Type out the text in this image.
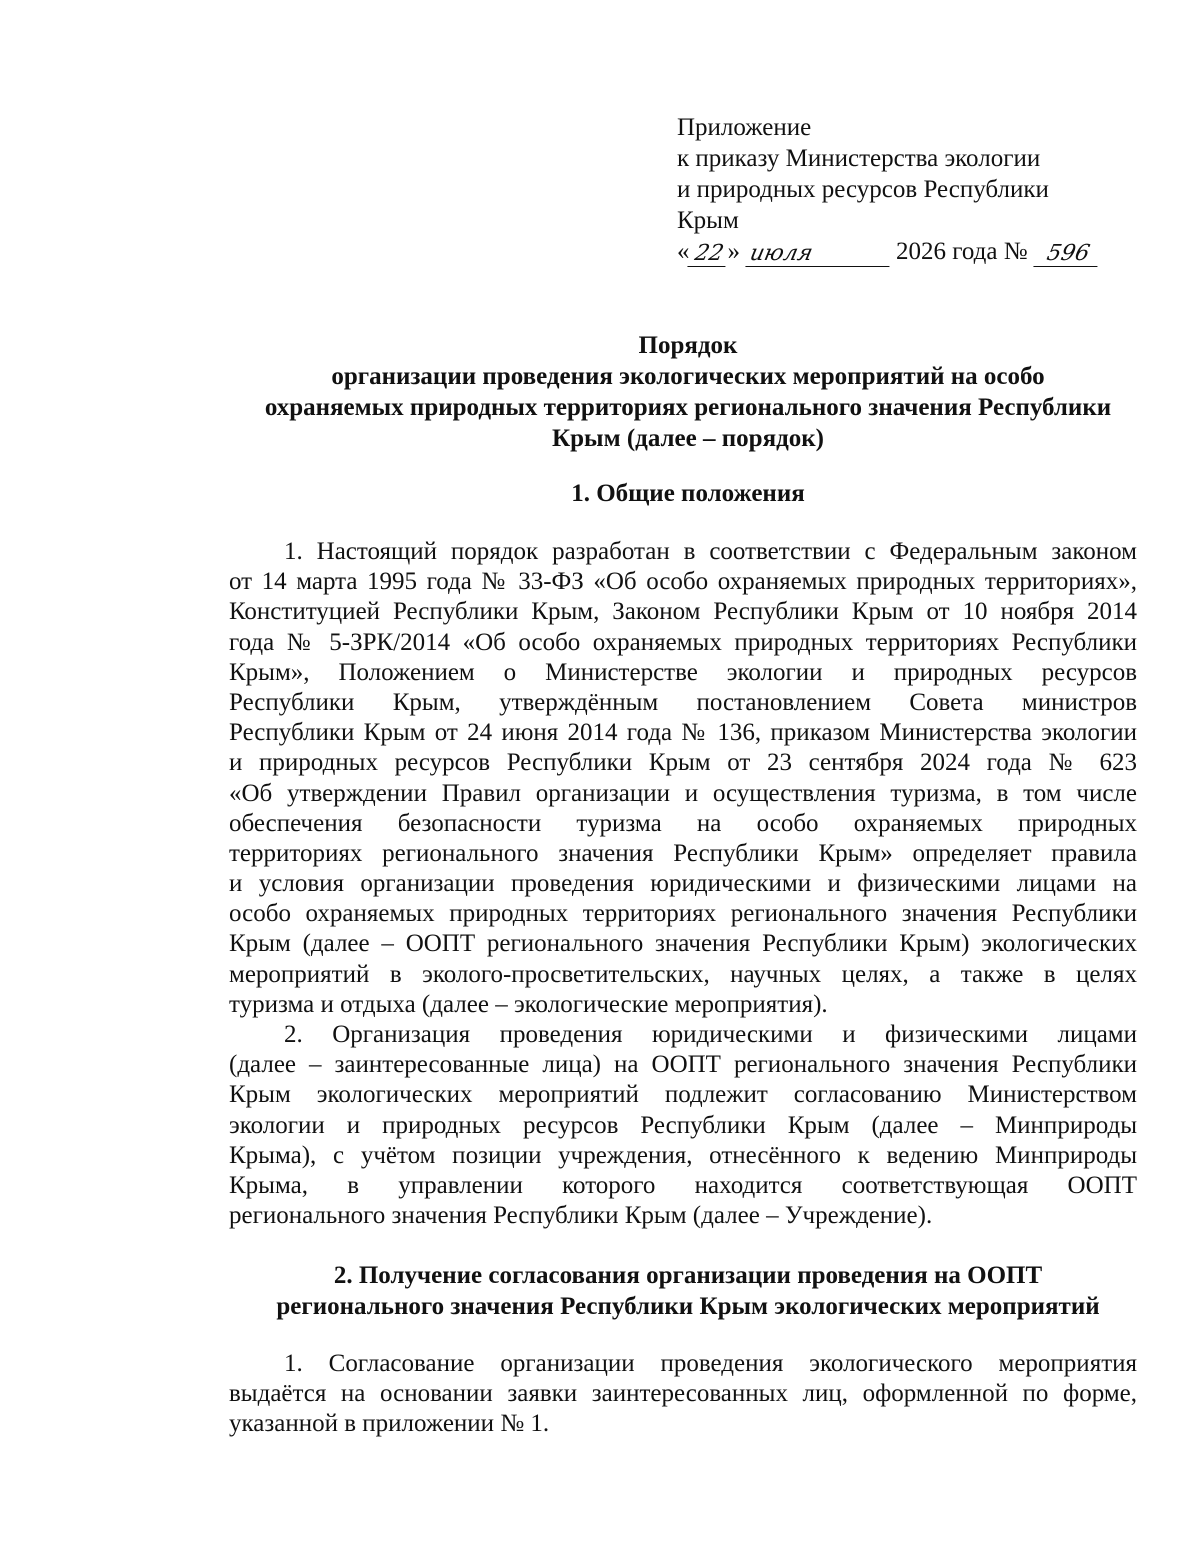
Приложение
к приказу Министерства экологии
и природных ресурсов Республики
Крым
« 22 » июля	2026 года № 596
Порядок
организации проведения экологических мероприятий на особо
охраняемых природных территориях регионального значения Республики
Крым (далее – порядок)
1. Общие положения
1. Настоящий порядок разработан в соответствии с Федеральным законом
от 14 марта 1995 года № 33-ФЗ «Об особо охраняемых природных территориях»,
Конституцией Республики Крым, Законом Республики Крым от 10 ноября 2014
года № 5-ЗРК/2014 «Об особо охраняемых природных территориях Республики
Крым», Положением о Министерстве экологии и природных ресурсов
Республики Крым, утверждённым постановлением Совета министров
Республики Крым от 24 июня 2014 года № 136, приказом Министерства экологии
и природных ресурсов Республики Крым от 23 сентября 2024 года № 623
«Об утверждении Правил организации и осуществления туризма, в том числе
обеспечения безопасности туризма на особо охраняемых природных
территориях регионального значения Республики Крым» определяет правила
и условия организации проведения юридическими и физическими лицами на
особо охраняемых природных территориях регионального значения Республики
Крым (далее – ООПТ регионального значения Республики Крым) экологических
мероприятий в эколого-просветительских, научных целях, а также в целях
туризма и отдыха (далее – экологические мероприятия).
2. Организация проведения юридическими и физическими лицами
(далее – заинтересованные лица) на ООПТ регионального значения Республики
Крым экологических мероприятий подлежит согласованию Министерством
экологии и природных ресурсов Республики Крым (далее – Минприроды
Крыма), с учётом позиции учреждения, отнесённого к ведению Минприроды
Крыма, в управлении которого находится соответствующая ООПТ
регионального значения Республики Крым (далее – Учреждение).
2. Получение согласования организации проведения на ООПТ
регионального значения Республики Крым экологических мероприятий
1. Согласование организации проведения экологического мероприятия
выдаётся на основании заявки заинтересованных лиц, оформленной по форме,
указанной в приложении № 1.
